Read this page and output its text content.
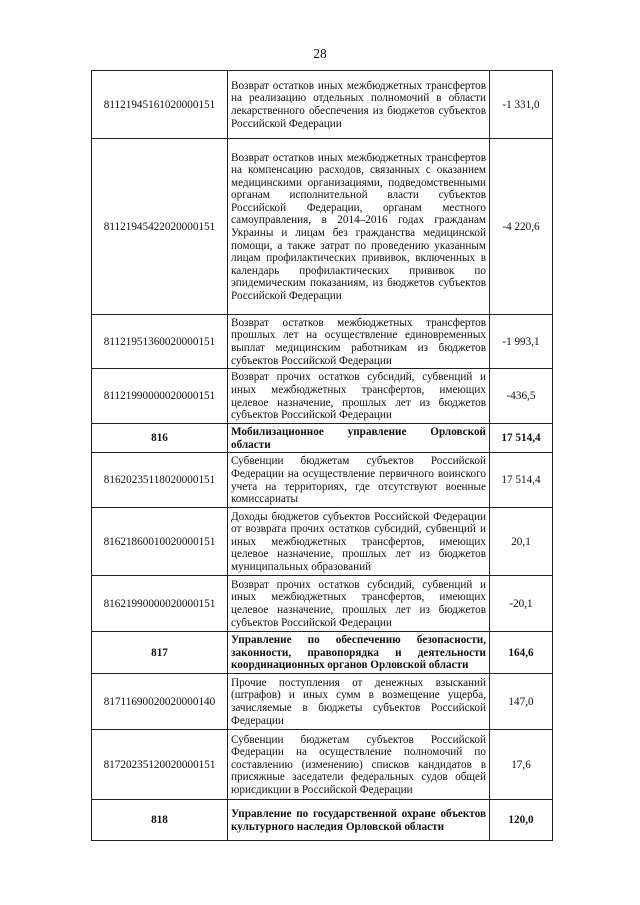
28
81121945161020000151	Возврат остатков иных межбюджетных трансфертов на реализацию отдельных полномочий в области лекарственного обеспечения из бюджетов субъектов Российской Федерации	-1 331,0
81121945422020000151	Возврат остатков иных межбюджетных трансфертов на компенсацию расходов, связанных с оказанием медицинскими организациями, подведомственными органам исполнительной власти субъектов Российской Федерации, органам местного самоуправления, в 2014–2016 годах гражданам Украины и лицам без гражданства медицинской помощи, а также затрат по проведению указанным лицам профилактических прививок, включенных в календарь профилактических прививок по эпидемическим показаниям, из бюджетов субъектов Российской Федерации	-4 220,6
81121951360020000151	Возврат остатков межбюджетных трансфертов прошлых лет на осуществление единовременных выплат медицинским работникам из бюджетов субъектов Российской Федерации	-1 993,1
81121990000020000151	Возврат прочих остатков субсидий, субвенций и иных межбюджетных трансфертов, имеющих целевое назначение, прошлых лет из бюджетов субъектов Российской Федерации	-436,5
816	Мобилизационное управление Орловской области	17 514,4
81620235118020000151	Субвенции бюджетам субъектов Российской Федерации на осуществление первичного воинского учета на территориях, где отсутствуют военные комиссариаты	17 514,4
81621860010020000151	Доходы бюджетов субъектов Российской Федерации от возврата прочих остатков субсидий, субвенций и иных межбюджетных трансфертов, имеющих целевое назначение, прошлых лет из бюджетов муниципальных образований	20,1
81621990000020000151	Возврат прочих остатков субсидий, субвенций и иных межбюджетных трансфертов, имеющих целевое назначение, прошлых лет из бюджетов субъектов Российской Федерации	-20,1
817	Управление по обеспечению безопасности, законности, правопорядка и деятельности координационных органов Орловской области	164,6
81711690020020000140	Прочие поступления от денежных взысканий (штрафов) и иных сумм в возмещение ущерба, зачисляемые в бюджеты субъектов Российской Федерации	147,0
81720235120020000151	Субвенции бюджетам субъектов Российской Федерации на осуществление полномочий по составлению (изменению) списков кандидатов в присяжные заседатели федеральных судов общей юрисдикции в Российской Федерации	17,6
818	Управление по государственной охране объектов культурного наследия Орловской области	120,0
